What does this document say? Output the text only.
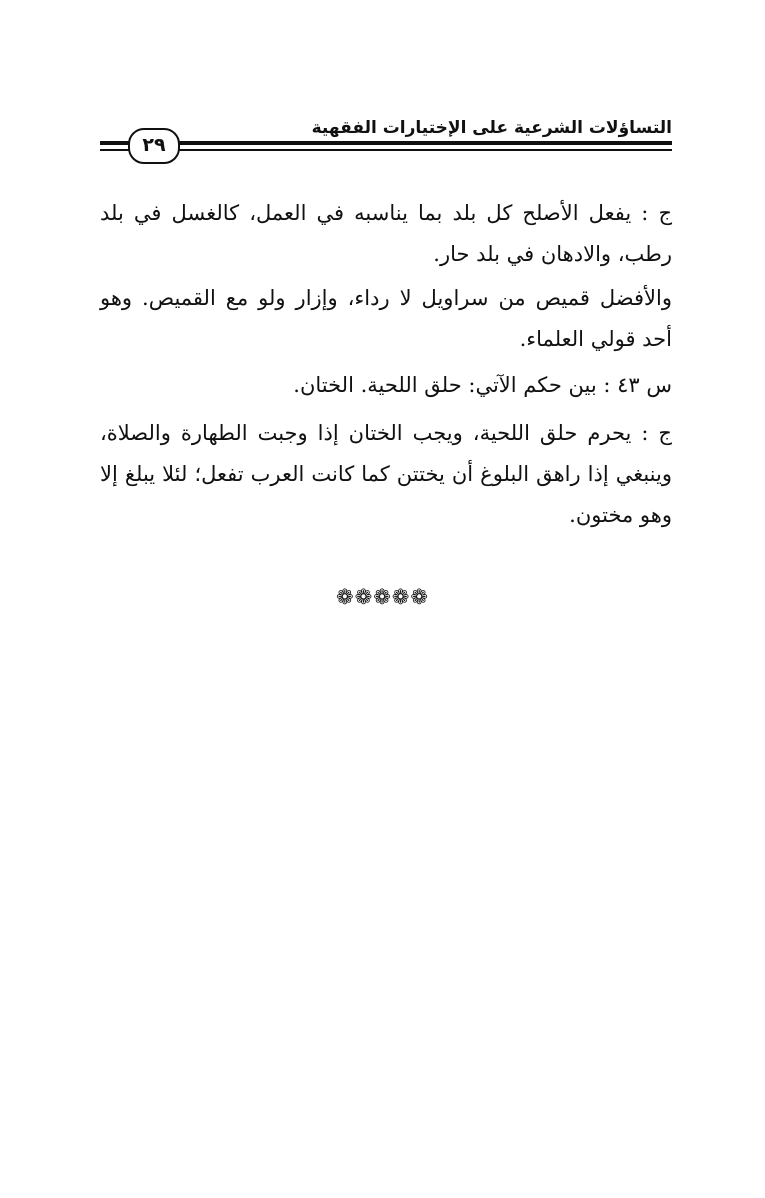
التساؤلات الشرعية على الإختيارات الفقهية
٢٩

ج : يفعل الأصلح كل بلد بما يناسبه في العمل، كالغسل في بلد رطب، والادهان في بلد حار.

والأفضل قميص من سراويل لا رداء، وإزار ولو مع القميص. وهو أحد قولي العلماء.

س ٤٣ : بين حكم الآتي: حلق اللحية. الختان.

ج : يحرم حلق اللحية، ويجب الختان إذا وجبت الطهارة والصلاة، وينبغي إذا راهق البلوغ أن يختتن كما كانت العرب تفعل؛ لئلا يبلغ إلا وهو مختون.

❁❁❁❁❁
